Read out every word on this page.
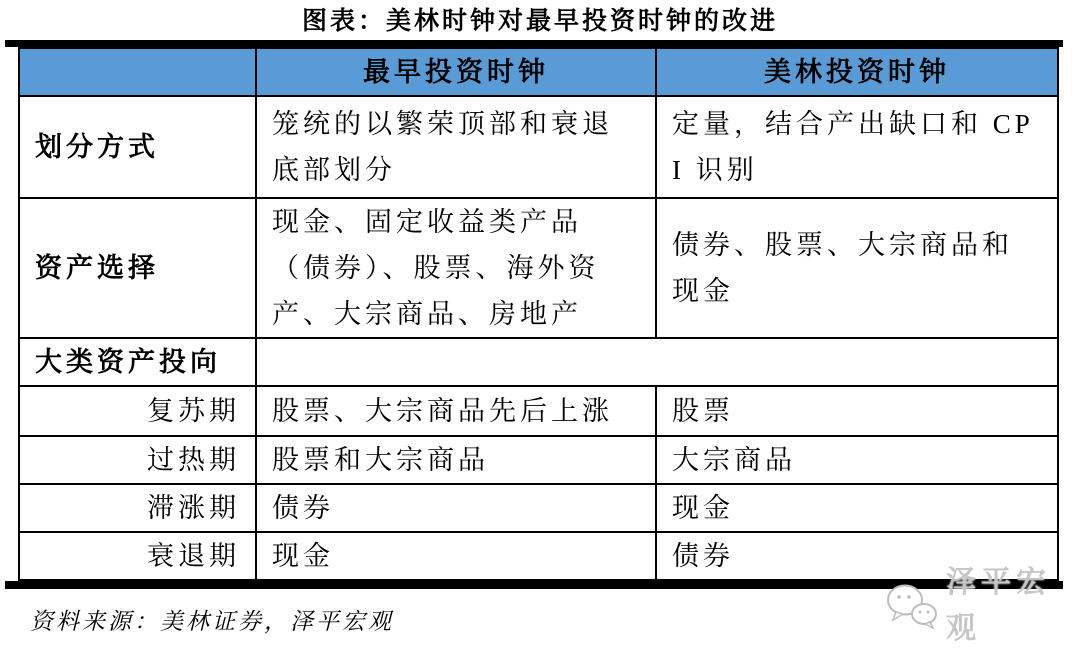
图表：美林时钟对最早投资时钟的改进
	最早投资时钟	美林投资时钟
划分方式	笼统的以繁荣顶部和衰退底部划分	定量，结合产出缺口和 CPI 识别
资产选择	现金、固定收益类产品（债券）、股票、海外资产、大宗商品、房地产	债券、股票、大宗商品和现金
大类资产投向		
复苏期	股票、大宗商品先后上涨	股票
过热期	股票和大宗商品	大宗商品
滞涨期	债券	现金
衰退期	现金	债券
资料来源：美林证券，泽平宏观
泽平宏观
